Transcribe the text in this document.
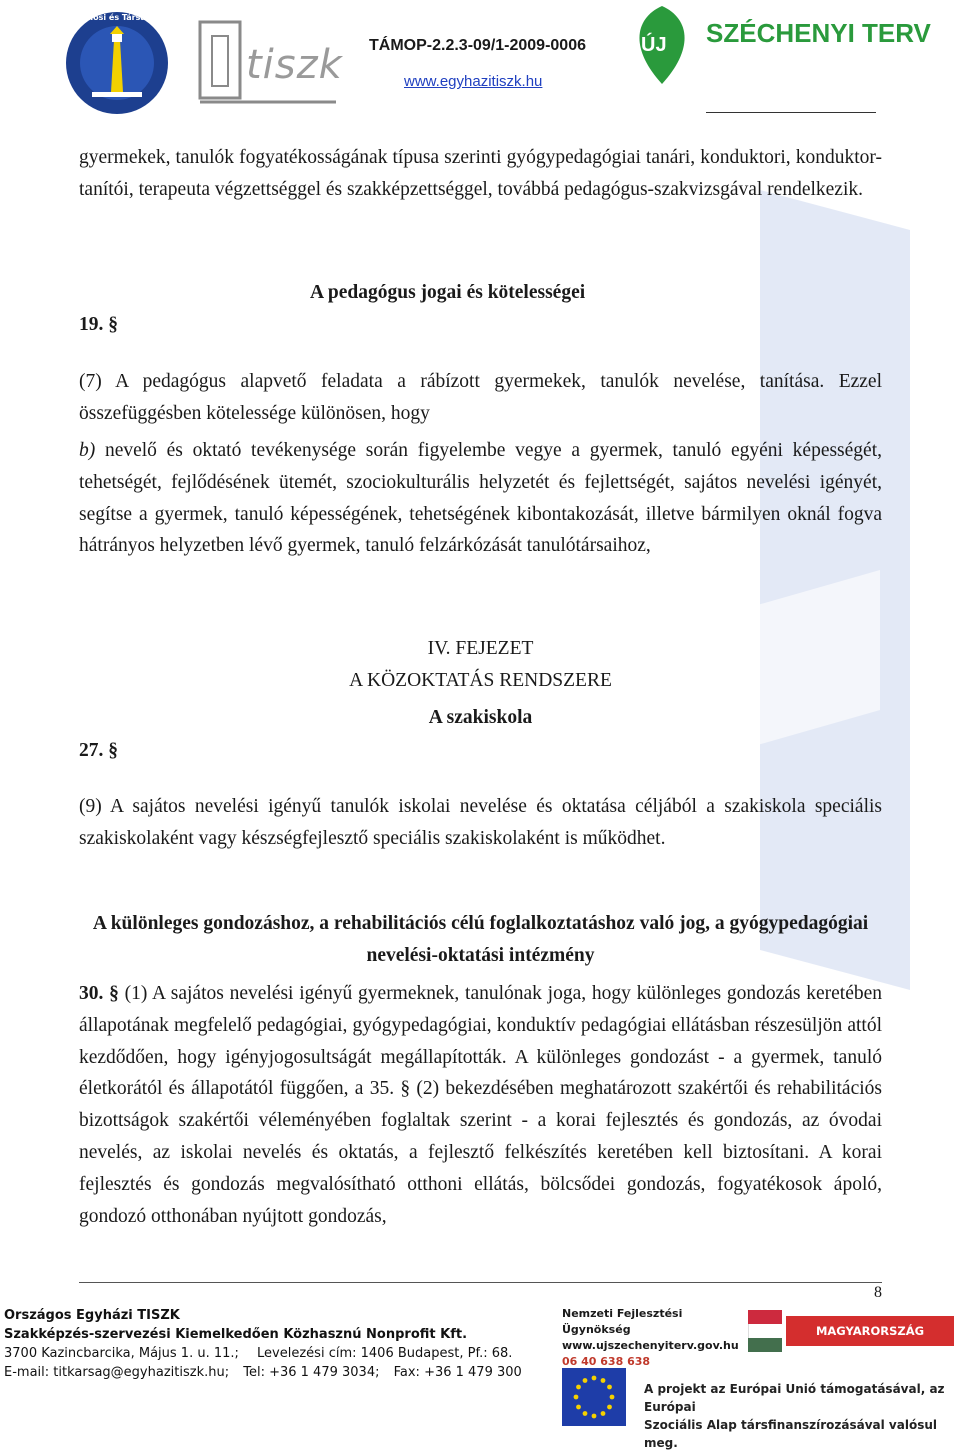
Szőllősi és Társai Bt.
tiszk TÁMOP-2.2.3-09/1-2009-0006
www.egyhazitiszk.hu
ÚJ SZÉCHENYI TERV
gyermekek, tanulók fogyatékosságának típusa szerinti gyógypedagógiai tanári, konduktori, konduktor-tanítói, terapeuta végzettséggel és szakképzettséggel, továbbá pedagógus-szakvizsgával rendelkezik.
A pedagógus jogai és kötelességei
19. §
(7) A pedagógus alapvető feladata a rábízott gyermekek, tanulók nevelése, tanítása. Ezzel összefüggésben kötelessége különösen, hogy
b) nevelő és oktató tevékenysége során figyelembe vegye a gyermek, tanuló egyéni képességét, tehetségét, fejlődésének ütemét, szociokulturális helyzetét és fejlettségét, sajátos nevelési igényét, segítse a gyermek, tanuló képességének, tehetségének kibontakozását, illetve bármilyen oknál fogva hátrányos helyzetben lévő gyermek, tanuló felzárkózását tanulótársaihoz,
IV. FEJEZET
A KÖZOKTATÁS RENDSZERE
A szakiskola
27. §
(9) A sajátos nevelési igényű tanulók iskolai nevelése és oktatása céljából a szakiskola speciális szakiskolaként vagy készségfejlesztő speciális szakiskolaként is működhet.
A különleges gondozáshoz, a rehabilitációs célú foglalkoztatáshoz való jog, a gyógypedagógiai nevelési-oktatási intézmény
30. § (1) A sajátos nevelési igényű gyermeknek, tanulónak joga, hogy különleges gondozás keretében állapotának megfelelő pedagógiai, gyógypedagógiai, konduktív pedagógiai ellátásban részesüljön attól kezdődően, hogy igényjogosultságát megállapították. A különleges gondozást - a gyermek, tanuló életkorától és állapotától függően, a 35. § (2) bekezdésében meghatározott szakértői és rehabilitációs bizottságok szakértői véleményében foglaltak szerint - a korai fejlesztés és gondozás, az óvodai nevelés, az iskolai nevelés és oktatás, a fejlesztő felkészítés keretében kell biztosítani. A korai fejlesztés és gondozás megvalósítható otthoni ellátás, bölcsődei gondozás, fogyatékosok ápoló, gondozó otthonában nyújtott gondozás,
8
Országos Egyházi TISZK
Szakképzés-szervezési Kiemelkedően Közhasznú Nonprofit Kft.
3700 Kazincbarcika, Május 1. u. 11.; Levelezési cím: 1406 Budapest, Pf.: 68.
E-mail: titkarsag@egyhazitiszk.hu; Tel: +36 1 479 3034; Fax: +36 1 479 300
Nemzeti Fejlesztési Ügynökség
www.ujszechenyiterv.gov.hu
06 40 638 638
MAGYARORSZÁG MEGÚJUL
A projekt az Európai Unió támogatásával, az Európai
Szociális Alap társfinanszírozásával valósul meg.
